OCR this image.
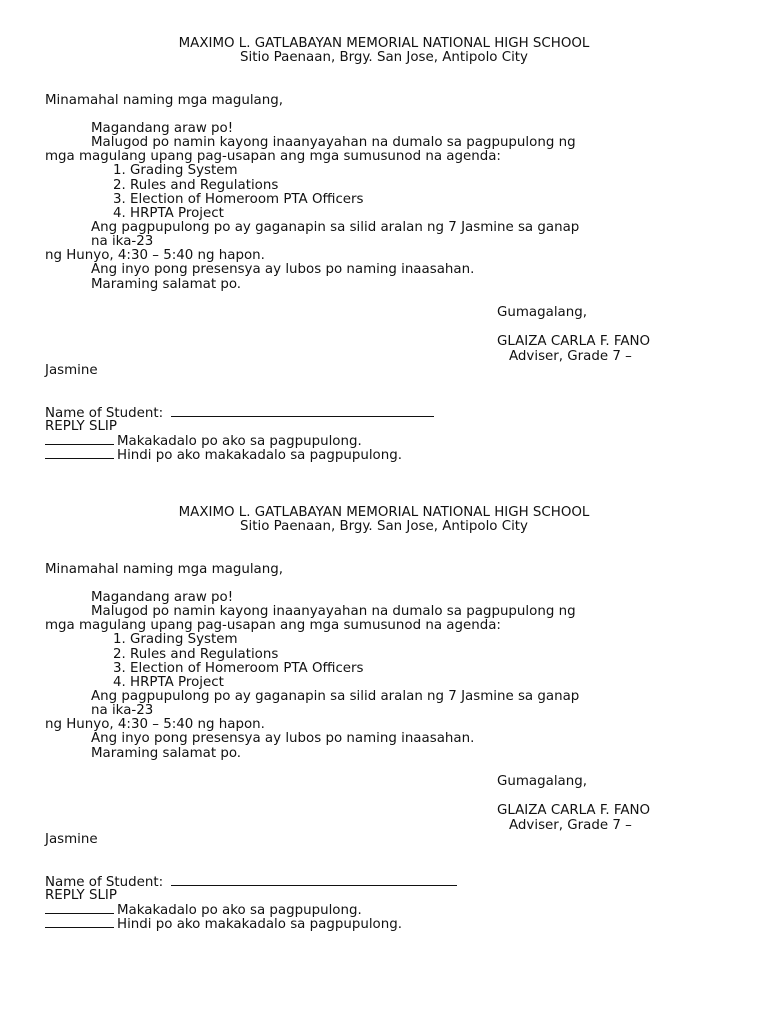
MAXIMO L. GATLABAYAN MEMORIAL NATIONAL HIGH SCHOOL
Sitio Paenaan, Brgy. San Jose, Antipolo City
Minamahal naming mga magulang,
Magandang araw po!
Malugod po namin kayong inaanyayahan na dumalo sa pagpupulong ng
mga magulang upang pag-usapan ang mga sumusunod na agenda:
1. Grading System
2. Rules and Regulations
3. Election of Homeroom PTA Officers
4. HRPTA Project
Ang pagpupulong po ay gaganapin sa silid aralan ng 7 Jasmine sa ganap
na ika-23
ng Hunyo, 4:30 – 5:40 ng hapon.
Ang inyo pong presensya ay lubos po naming inaasahan.
Maraming salamat po.
Gumagalang,
GLAIZA CARLA F. FANO
Adviser, Grade 7 –
Jasmine
Name of Student:
REPLY SLIP
Makakadalo po ako sa pagpupulong.
Hindi po ako makakadalo sa pagpupulong.
MAXIMO L. GATLABAYAN MEMORIAL NATIONAL HIGH SCHOOL
Sitio Paenaan, Brgy. San Jose, Antipolo City
Minamahal naming mga magulang,
Magandang araw po!
Malugod po namin kayong inaanyayahan na dumalo sa pagpupulong ng
mga magulang upang pag-usapan ang mga sumusunod na agenda:
1. Grading System
2. Rules and Regulations
3. Election of Homeroom PTA Officers
4. HRPTA Project
Ang pagpupulong po ay gaganapin sa silid aralan ng 7 Jasmine sa ganap
na ika-23
ng Hunyo, 4:30 – 5:40 ng hapon.
Ang inyo pong presensya ay lubos po naming inaasahan.
Maraming salamat po.
Gumagalang,
GLAIZA CARLA F. FANO
Adviser, Grade 7 –
Jasmine
Name of Student:
REPLY SLIP
Makakadalo po ako sa pagpupulong.
Hindi po ako makakadalo sa pagpupulong.
